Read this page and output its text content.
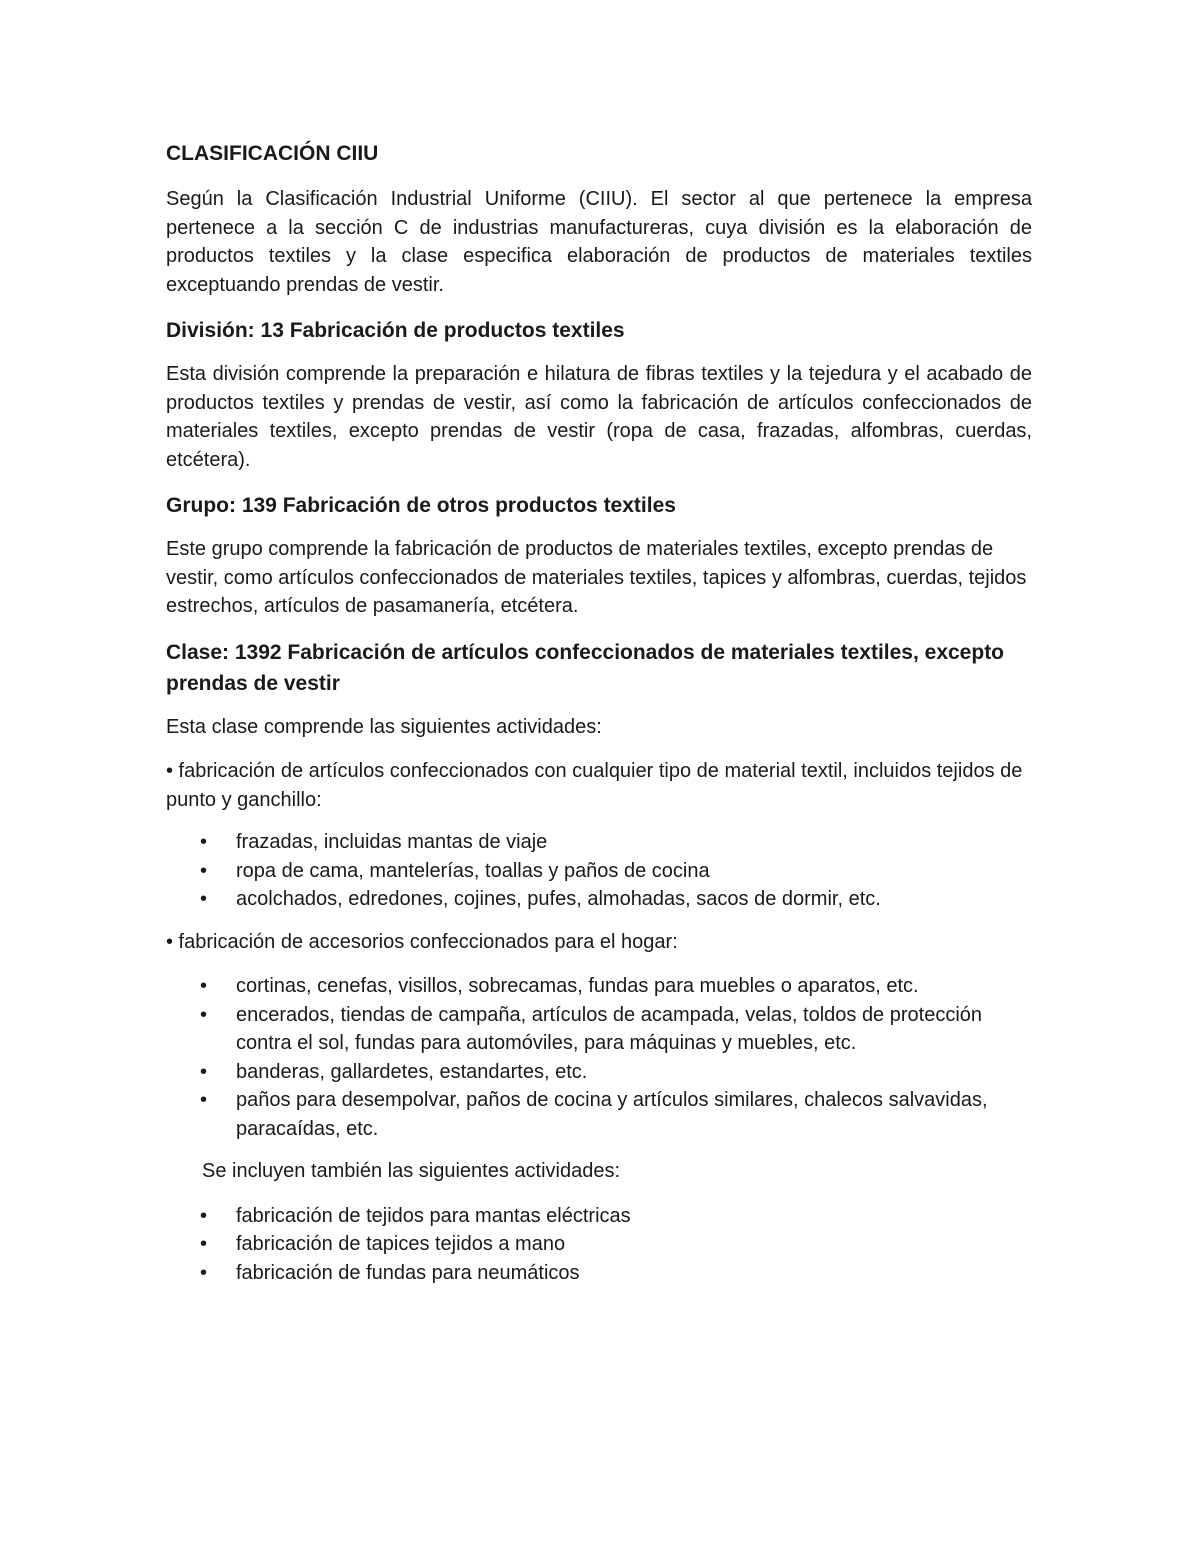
CLASIFICACIÓN CIIU

Según la Clasificación Industrial Uniforme (CIIU). El sector al que pertenece la empresa pertenece a la sección C de industrias manufactureras, cuya división es la elaboración de productos textiles y la clase especifica elaboración de productos de materiales textiles exceptuando prendas de vestir.

División: 13 Fabricación de productos textiles

Esta división comprende la preparación e hilatura de fibras textiles y la tejedura y el acabado de productos textiles y prendas de vestir, así como la fabricación de artículos confeccionados de materiales textiles, excepto prendas de vestir (ropa de casa, frazadas, alfombras, cuerdas, etcétera).

Grupo: 139 Fabricación de otros productos textiles

Este grupo comprende la fabricación de productos de materiales textiles, excepto prendas de vestir, como artículos confeccionados de materiales textiles, tapices y alfombras, cuerdas, tejidos estrechos, artículos de pasamanería, etcétera.

Clase: 1392 Fabricación de artículos confeccionados de materiales textiles, excepto prendas de vestir

Esta clase comprende las siguientes actividades:

• fabricación de artículos confeccionados con cualquier tipo de material textil, incluidos tejidos de punto y ganchillo:

• frazadas, incluidas mantas de viaje
• ropa de cama, mantelerías, toallas y paños de cocina
• acolchados, edredones, cojines, pufes, almohadas, sacos de dormir, etc.

• fabricación de accesorios confeccionados para el hogar:

• cortinas, cenefas, visillos, sobrecamas, fundas para muebles o aparatos, etc.
• encerados, tiendas de campaña, artículos de acampada, velas, toldos de protección contra el sol, fundas para automóviles, para máquinas y muebles, etc.
• banderas, gallardetes, estandartes, etc.
• paños para desempolvar, paños de cocina y artículos similares, chalecos salvavidas, paracaídas, etc.

Se incluyen también las siguientes actividades:

• fabricación de tejidos para mantas eléctricas
• fabricación de tapices tejidos a mano
• fabricación de fundas para neumáticos
